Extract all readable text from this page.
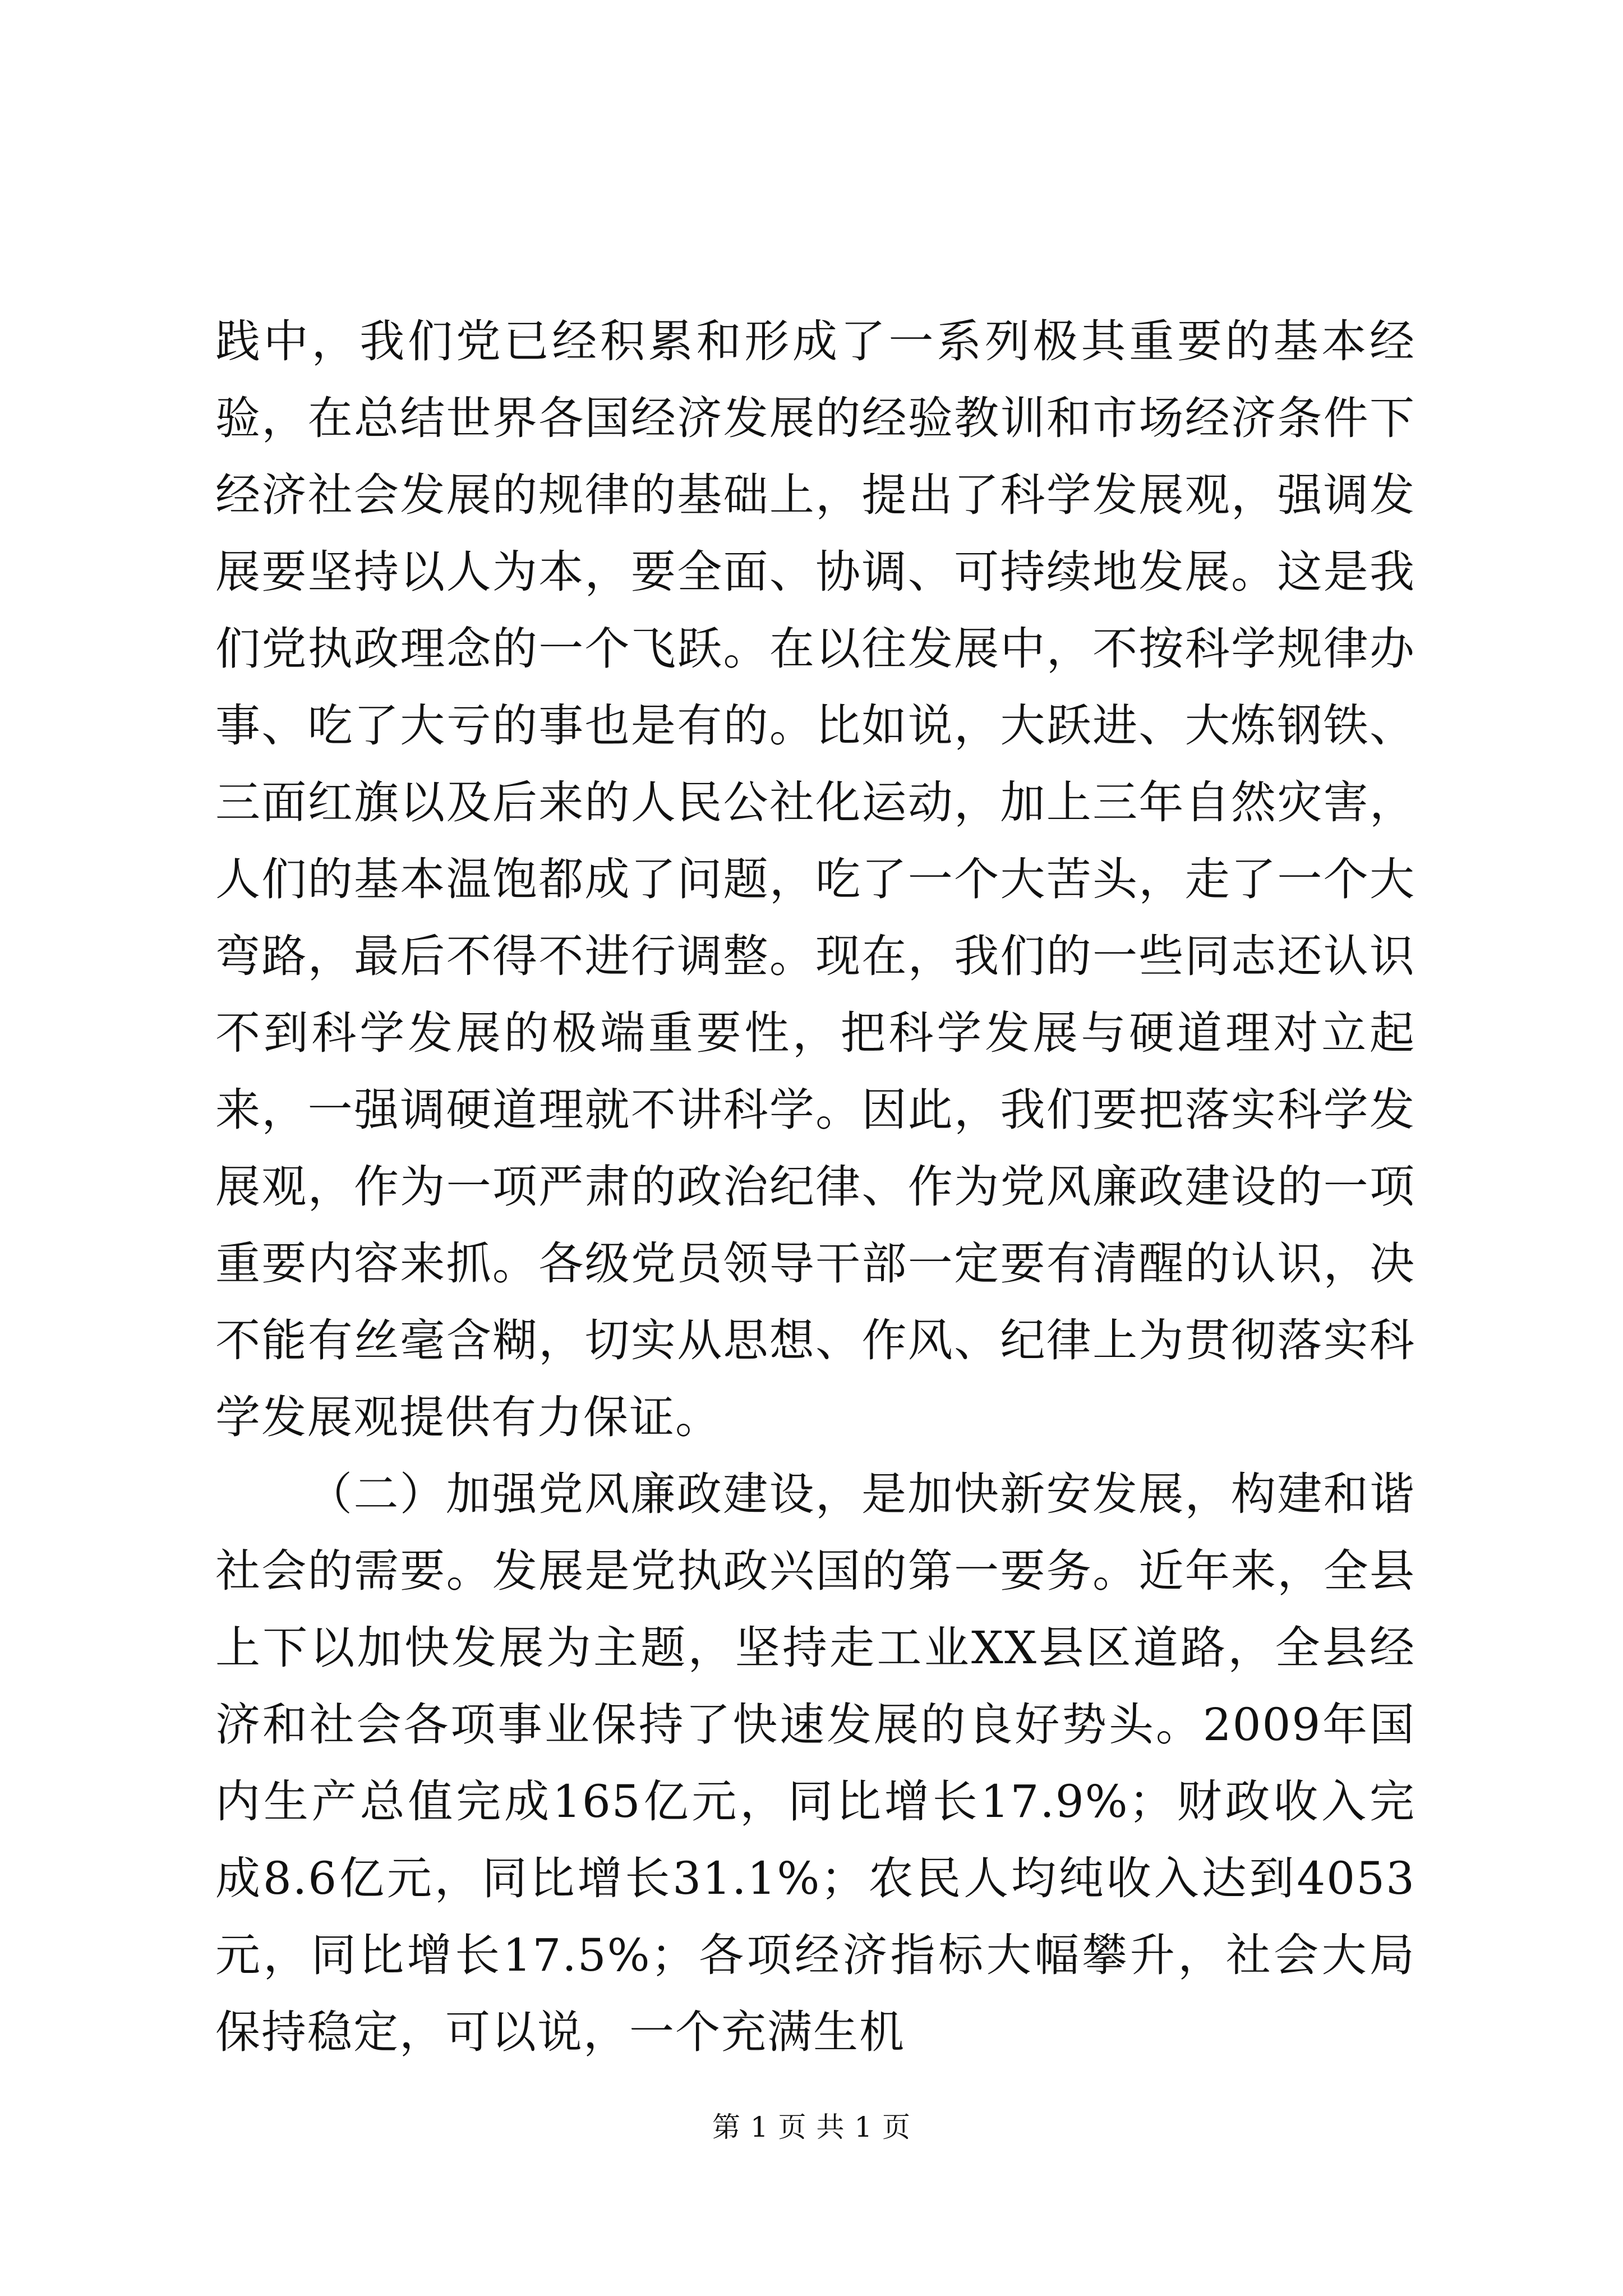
践中，我们党已经积累和形成了一系列极其重要的基本经验，在总结世界各国经济发展的经验教训和市场经济条件下经济社会发展的规律的基础上，提出了科学发展观，强调发展要坚持以人为本，要全面、协调、可持续地发展。这是我们党执政理念的一个飞跃。在以往发展中，不按科学规律办事、吃了大亏的事也是有的。比如说，大跃进、大炼钢铁、三面红旗以及后来的人民公社化运动，加上三年自然灾害，人们的基本温饱都成了问题，吃了一个大苦头，走了一个大弯路，最后不得不进行调整。现在，我们的一些同志还认识不到科学发展的极端重要性，把科学发展与硬道理对立起来，一强调硬道理就不讲科学。因此，我们要把落实科学发展观，作为一项严肃的政治纪律、作为党风廉政建设的一项重要内容来抓。各级党员领导干部一定要有清醒的认识，决不能有丝毫含糊，切实从思想、作风、纪律上为贯彻落实科学发展观提供有力保证。

（二）加强党风廉政建设，是加快新安发展，构建和谐社会的需要。发展是党执政兴国的第一要务。近年来，全县上下以加快发展为主题，坚持走工业XX县区道路，全县经济和社会各项事业保持了快速发展的良好势头。2009年国内生产总值完成165亿元，同比增长17.9%；财政收入完成8.6亿元，同比增长31.1%；农民人均纯收入达到4053元，同比增长17.5%；各项经济指标大幅攀升，社会大局保持稳定，可以说，一个充满生机

第 1 页 共 1 页
